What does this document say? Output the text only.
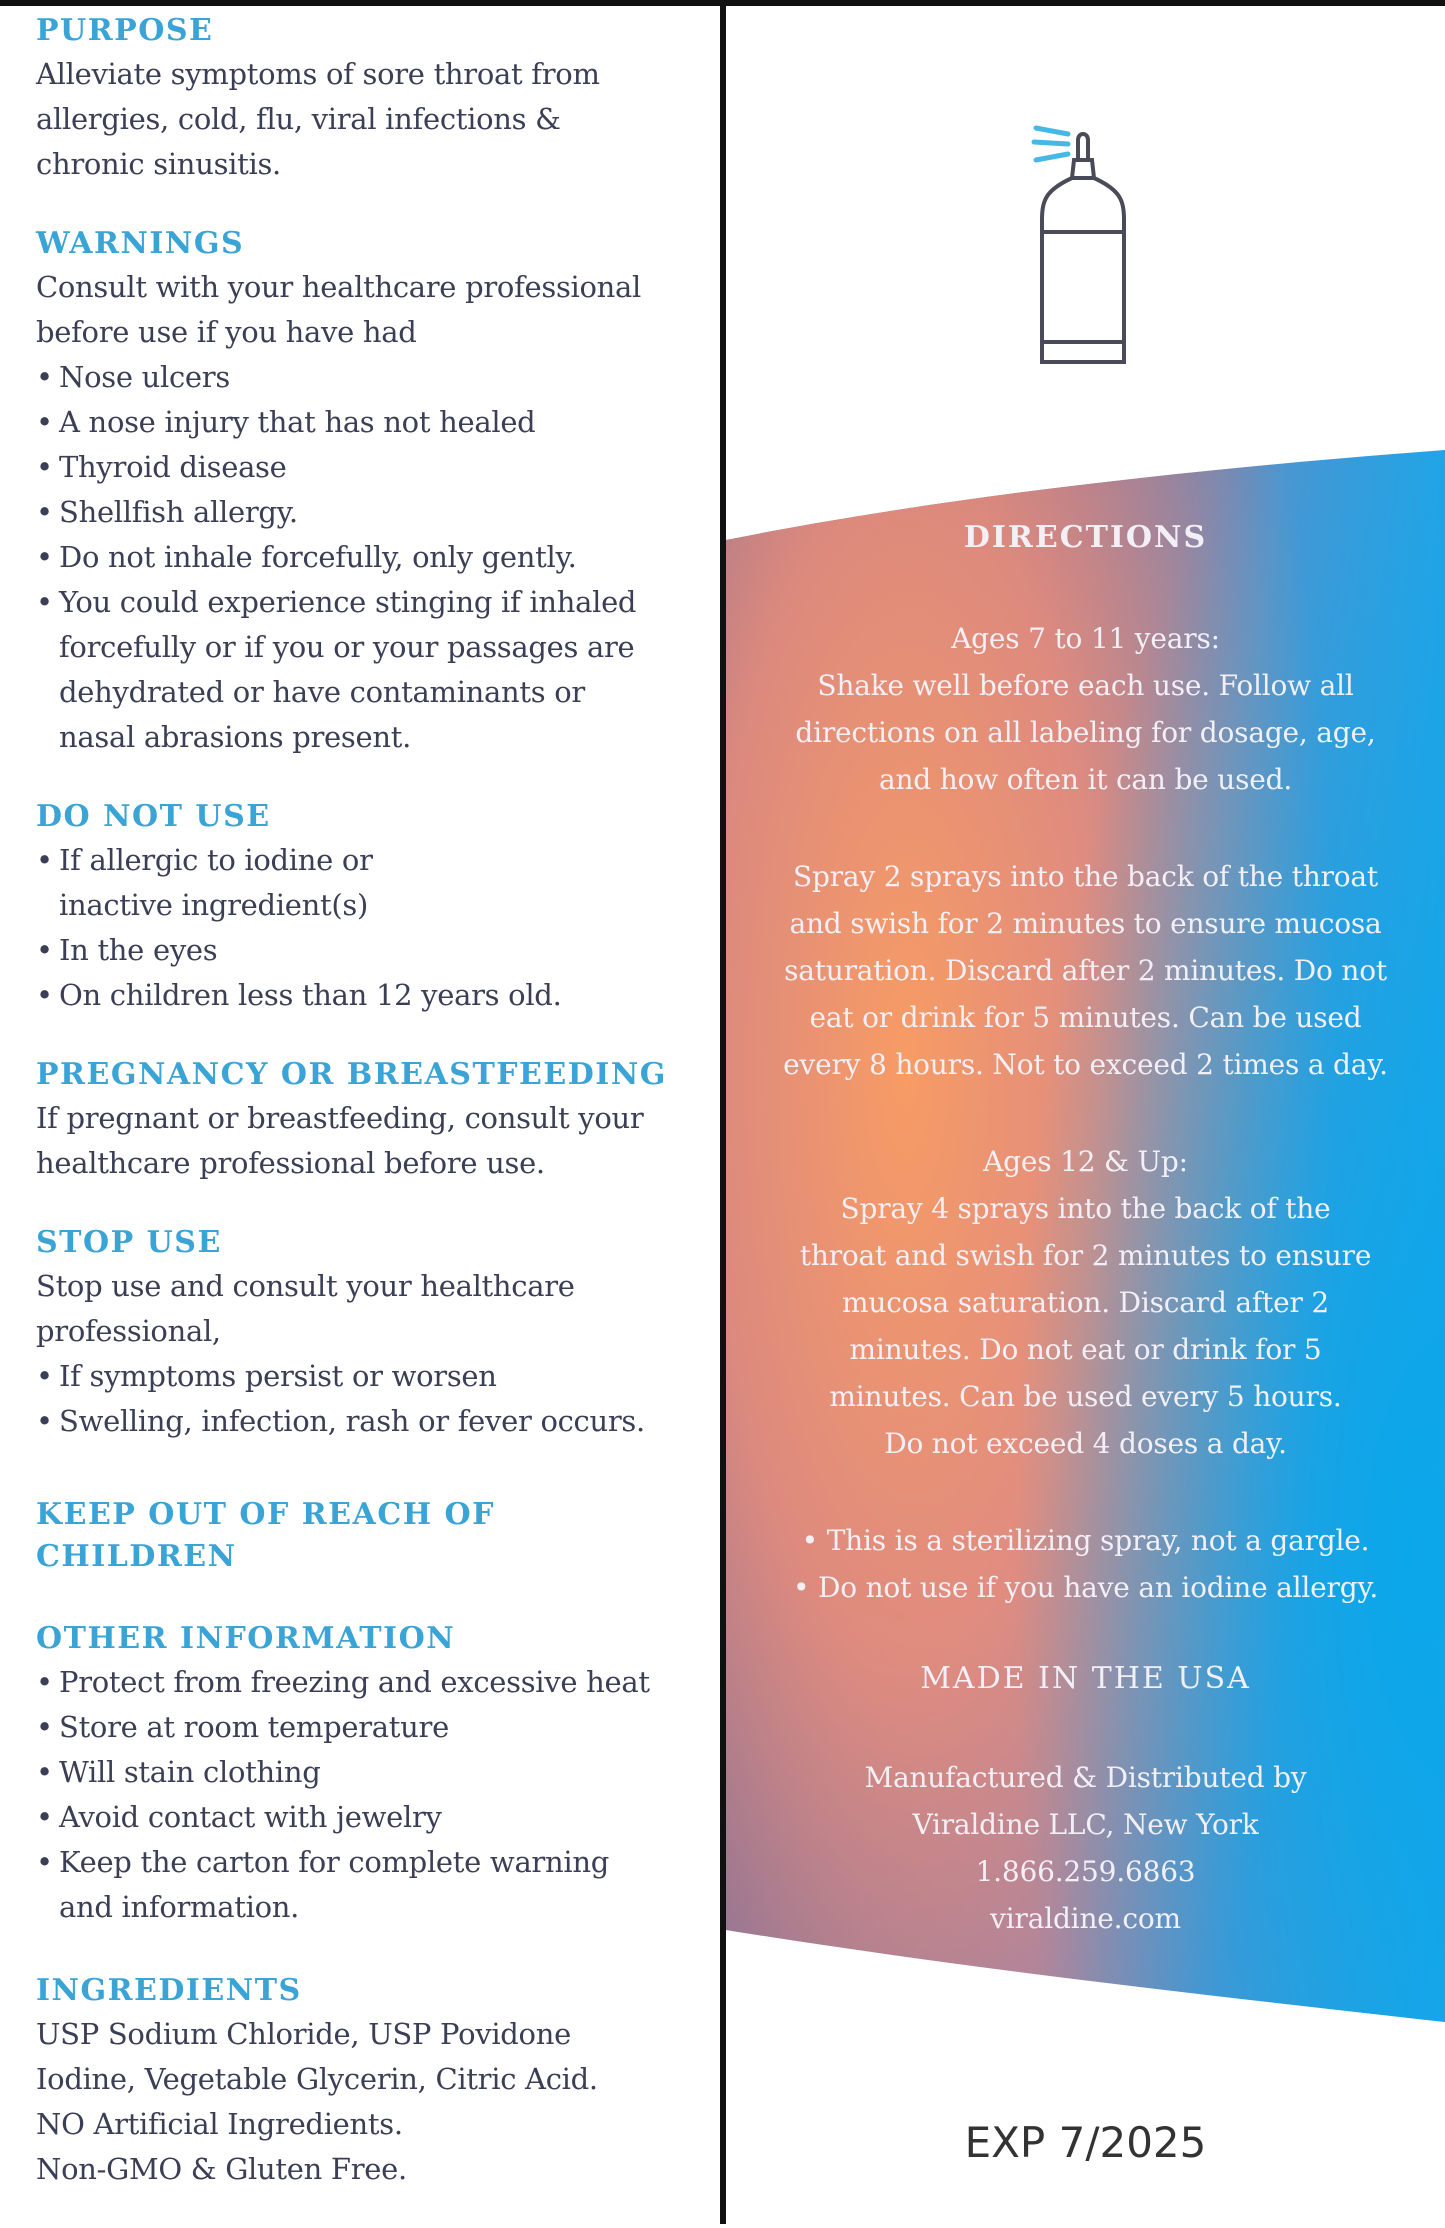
PURPOSE
Alleviate symptoms of sore throat from
allergies, cold, flu, viral infections &
chronic sinusitis.
WARNINGS
Consult with your healthcare professional
before use if you have had
• Nose ulcers
• A nose injury that has not healed
• Thyroid disease
• Shellfish allergy.
• Do not inhale forcefully, only gently.
• You could experience stinging if inhaled forcefully or if you or your passages are dehydrated or have contaminants or nasal abrasions present.
DO NOT USE
• If allergic to iodine or inactive ingredient(s)
• In the eyes
• On children less than 12 years old.
PREGNANCY OR BREASTFEEDING
If pregnant or breastfeeding, consult your
healthcare professional before use.
STOP USE
Stop use and consult your healthcare
professional,
• If symptoms persist or worsen
• Swelling, infection, rash or fever occurs.
KEEP OUT OF REACH OF CHILDREN
OTHER INFORMATION
• Protect from freezing and excessive heat
• Store at room temperature
• Will stain clothing
• Avoid contact with jewelry
• Keep the carton for complete warning and information.
INGREDIENTS
USP Sodium Chloride, USP Povidone
Iodine, Vegetable Glycerin, Citric Acid.
NO Artificial Ingredients.
Non-GMO & Gluten Free.
DIRECTIONS
Ages 7 to 11 years:
Shake well before each use. Follow all
directions on all labeling for dosage, age,
and how often it can be used.
Spray 2 sprays into the back of the throat
and swish for 2 minutes to ensure mucosa
saturation. Discard after 2 minutes. Do not
eat or drink for 5 minutes. Can be used
every 8 hours. Not to exceed 2 times a day.
Ages 12 & Up:
Spray 4 sprays into the back of the
throat and swish for 2 minutes to ensure
mucosa saturation. Discard after 2
minutes. Do not eat or drink for 5
minutes. Can be used every 5 hours.
Do not exceed 4 doses a day.
• This is a sterilizing spray, not a gargle.
• Do not use if you have an iodine allergy.
MADE IN THE USA
Manufactured & Distributed by
Viraldine LLC, New York
1.866.259.6863
viraldine.com
EXP 7/2025
